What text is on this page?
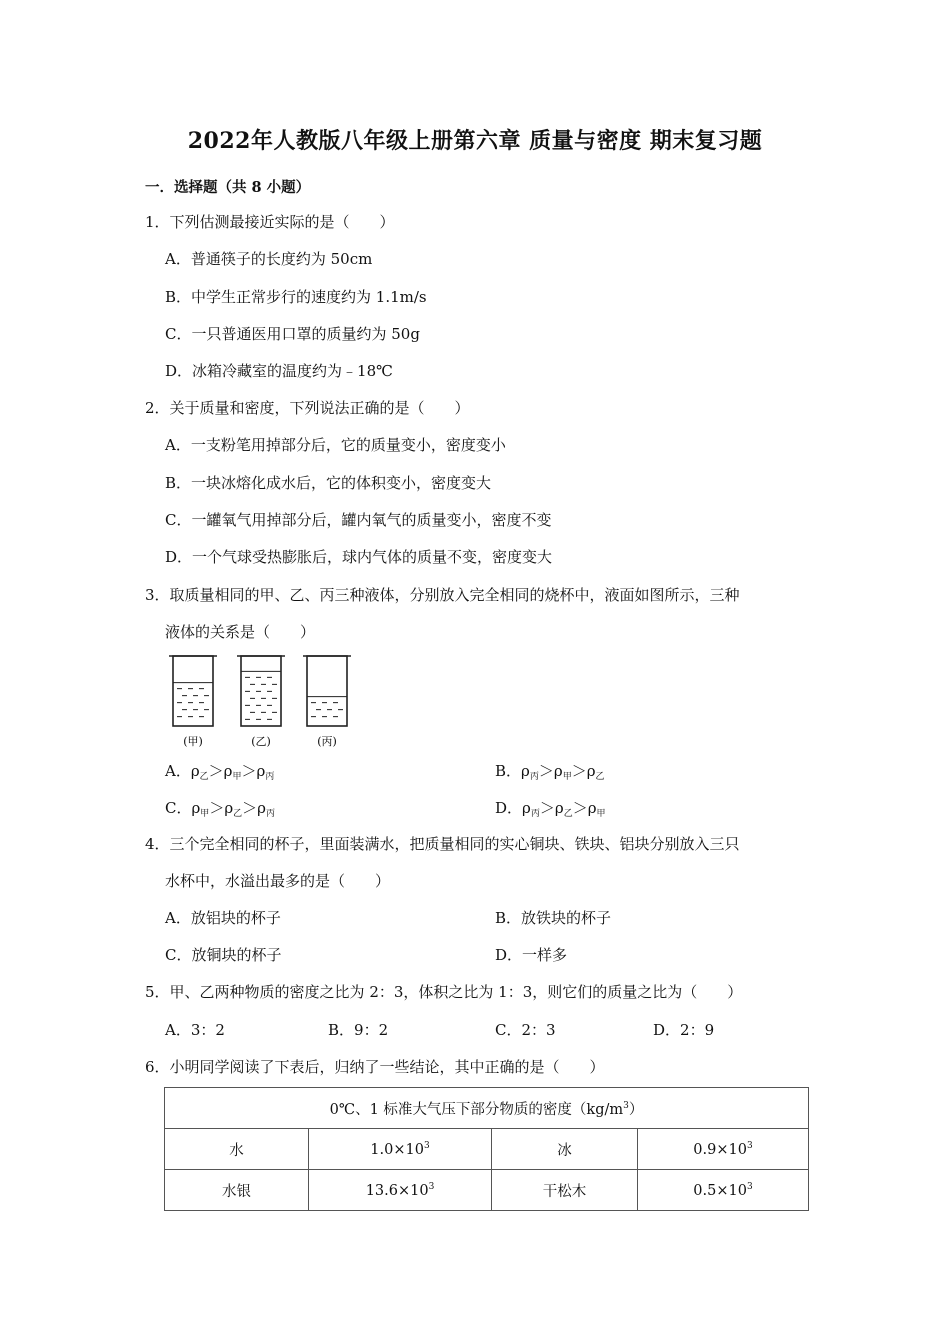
2022年人教版八年级上册第六章 质量与密度 期末复习题
一．选择题（共 8 小题）
1．下列估测最接近实际的是（　　）
A．普通筷子的长度约为 50cm
B．中学生正常步行的速度约为 1.1m/s
C．一只普通医用口罩的质量约为 50g
D．冰箱冷藏室的温度约为﹣18℃
2．关于质量和密度，下列说法正确的是（　　）
A．一支粉笔用掉部分后，它的质量变小，密度变小
B．一块冰熔化成水后，它的体积变小，密度变大
C．一罐氧气用掉部分后，罐内氧气的质量变小，密度不变
D．一个气球受热膨胀后，球内气体的质量不变，密度变大
3．取质量相同的甲、乙、丙三种液体，分别放入完全相同的烧杯中，液面如图所示，三种
液体的关系是（　　）
(甲)	(乙)	(丙)
A．$\rho_乙>\rho_甲>\rho_丙$	B．$\rho_丙>\rho_甲>\rho_乙$
C．$\rho_甲>\rho_乙>\rho_丙$	D．$\rho_丙>\rho_乙>\rho_甲$
4．三个完全相同的杯子，里面装满水，把质量相同的实心铜块、铁块、铝块分别放入三只
水杯中，水溢出最多的是（　　）
A．放铝块的杯子	B．放铁块的杯子
C．放铜块的杯子	D．一样多
5．甲、乙两种物质的密度之比为 2：3，体积之比为 1：3，则它们的质量之比为（　　）
A．3：2	B．9：2	C．2：3	D．2：9
6．小明同学阅读了下表后，归纳了一些结论，其中正确的是（　　）
0℃、1 标准大气压下部分物质的密度$(kg/m^3)$			
水	$1.0\times 10^3$	冰	$0.9\times 10^3$
水银	$13.6\times 10^3$	干松木	$0.5\times 10^3$
